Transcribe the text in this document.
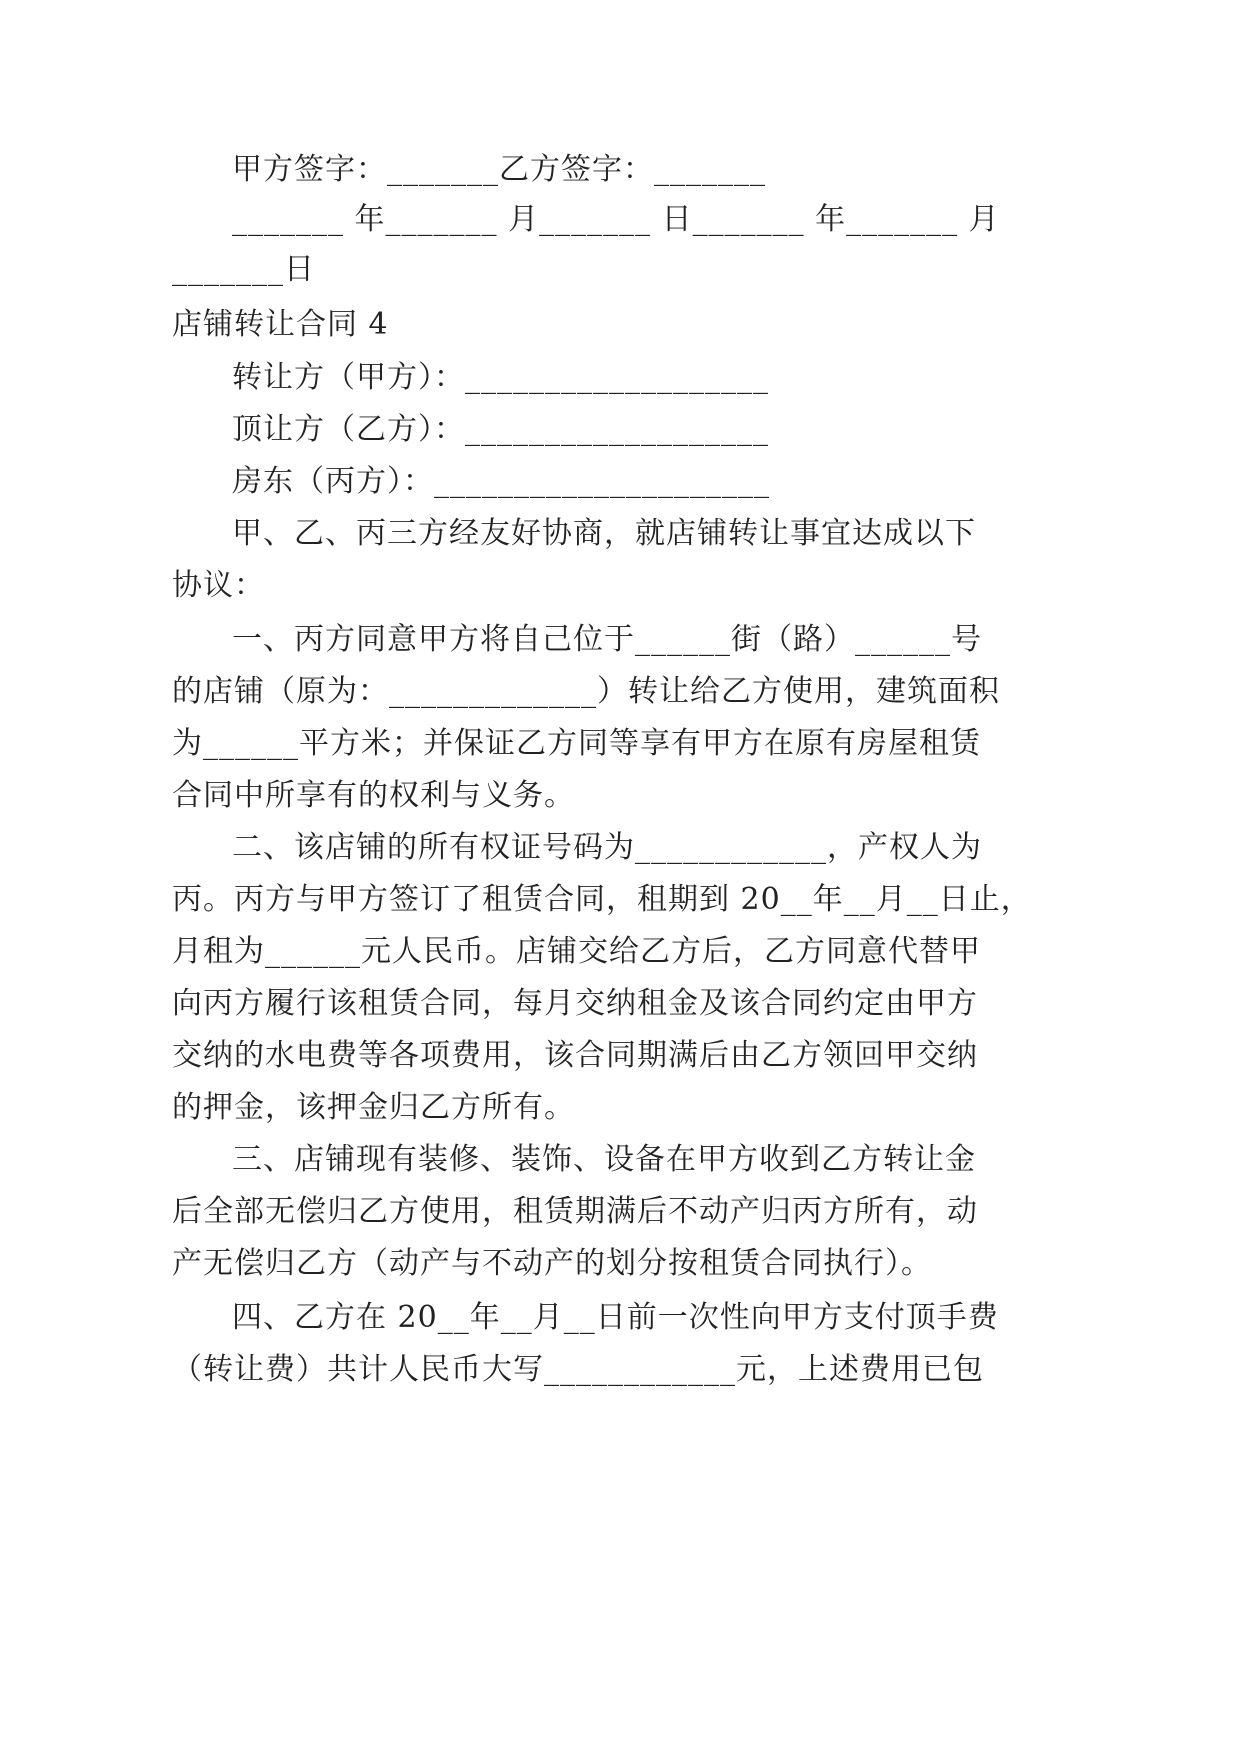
甲方签字：_______乙方签字：_______
_______ 年_______ 月_______ 日_______ 年_______ 月
_______日
店铺转让合同 4
转让方（甲方）：___________________
顶让方（乙方）：___________________
房东（丙方）：_____________________
甲、乙、丙三方经友好协商，就店铺转让事宜达成以下
协议：
一、丙方同意甲方将自己位于______街（路）______号
的店铺（原为：_____________）转让给乙方使用，建筑面积
为______平方米；并保证乙方同等享有甲方在原有房屋租赁
合同中所享有的权利与义务。
二、该店铺的所有权证号码为____________，产权人为
丙。丙方与甲方签订了租赁合同，租期到 20__年__月__日止，
月租为______元人民币。店铺交给乙方后，乙方同意代替甲
向丙方履行该租赁合同，每月交纳租金及该合同约定由甲方
交纳的水电费等各项费用，该合同期满后由乙方领回甲交纳
的押金，该押金归乙方所有。
三、店铺现有装修、装饰、设备在甲方收到乙方转让金
后全部无偿归乙方使用，租赁期满后不动产归丙方所有，动
产无偿归乙方（动产与不动产的划分按租赁合同执行）。
四、乙方在 20__年__月__日前一次性向甲方支付顶手费
（转让费）共计人民币大写____________元，上述费用已包
